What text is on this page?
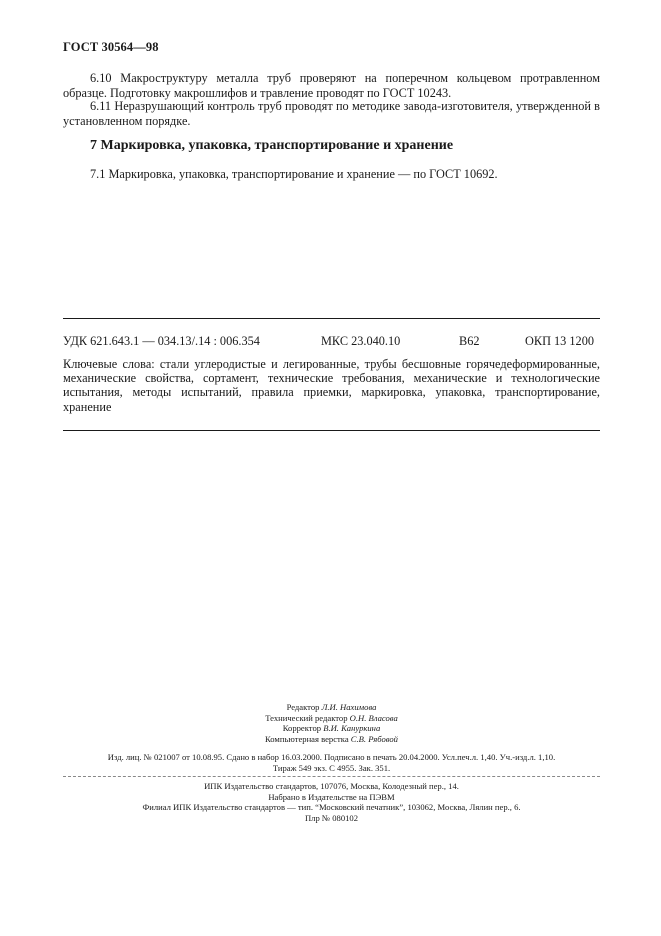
ГОСТ 30564—98
6.10 Макроструктуру металла труб проверяют на поперечном кольцевом протравленном образце. Подготовку макрошлифов и травление проводят по ГОСТ 10243.
6.11 Неразрушающий контроль труб проводят по методике завода-изготовителя, утвержденной в установленном порядке.
7 Маркировка, упаковка, транспортирование и хранение
7.1 Маркировка, упаковка, транспортирование и хранение — по ГОСТ 10692.
УДК 621.643.1 — 034.13/.14 : 006.354	МКС 23.040.10	В62	ОКП 13 1200
Ключевые слова: стали углеродистые и легированные, трубы бесшовные горячедеформированные, механические свойства, сортамент, технические требования, механические и технологические испытания, методы испытаний, правила приемки, маркировка, упаковка, транспортирование, хранение
Редактор Л.И. Нахимова
Технический редактор О.Н. Власова
Корректор В.И. Кануркина
Компьютерная верстка С.В. Рябовой
Изд. лиц. № 021007 от 10.08.95. Сдано в набор 16.03.2000. Подписано в печать 20.04.2000. Усл.печ.л. 1,40. Уч.-изд.л. 1,10.
Тираж 549 экз. С 4955. Зак. 351.
ИПК Издательство стандартов, 107076, Москва, Колодезный пер., 14.
Набрано в Издательстве на ПЭВМ
Филиал ИПК Издательство стандартов — тип. “Московский печатник”, 103062, Москва, Лялин пер., 6.
Плр № 080102
